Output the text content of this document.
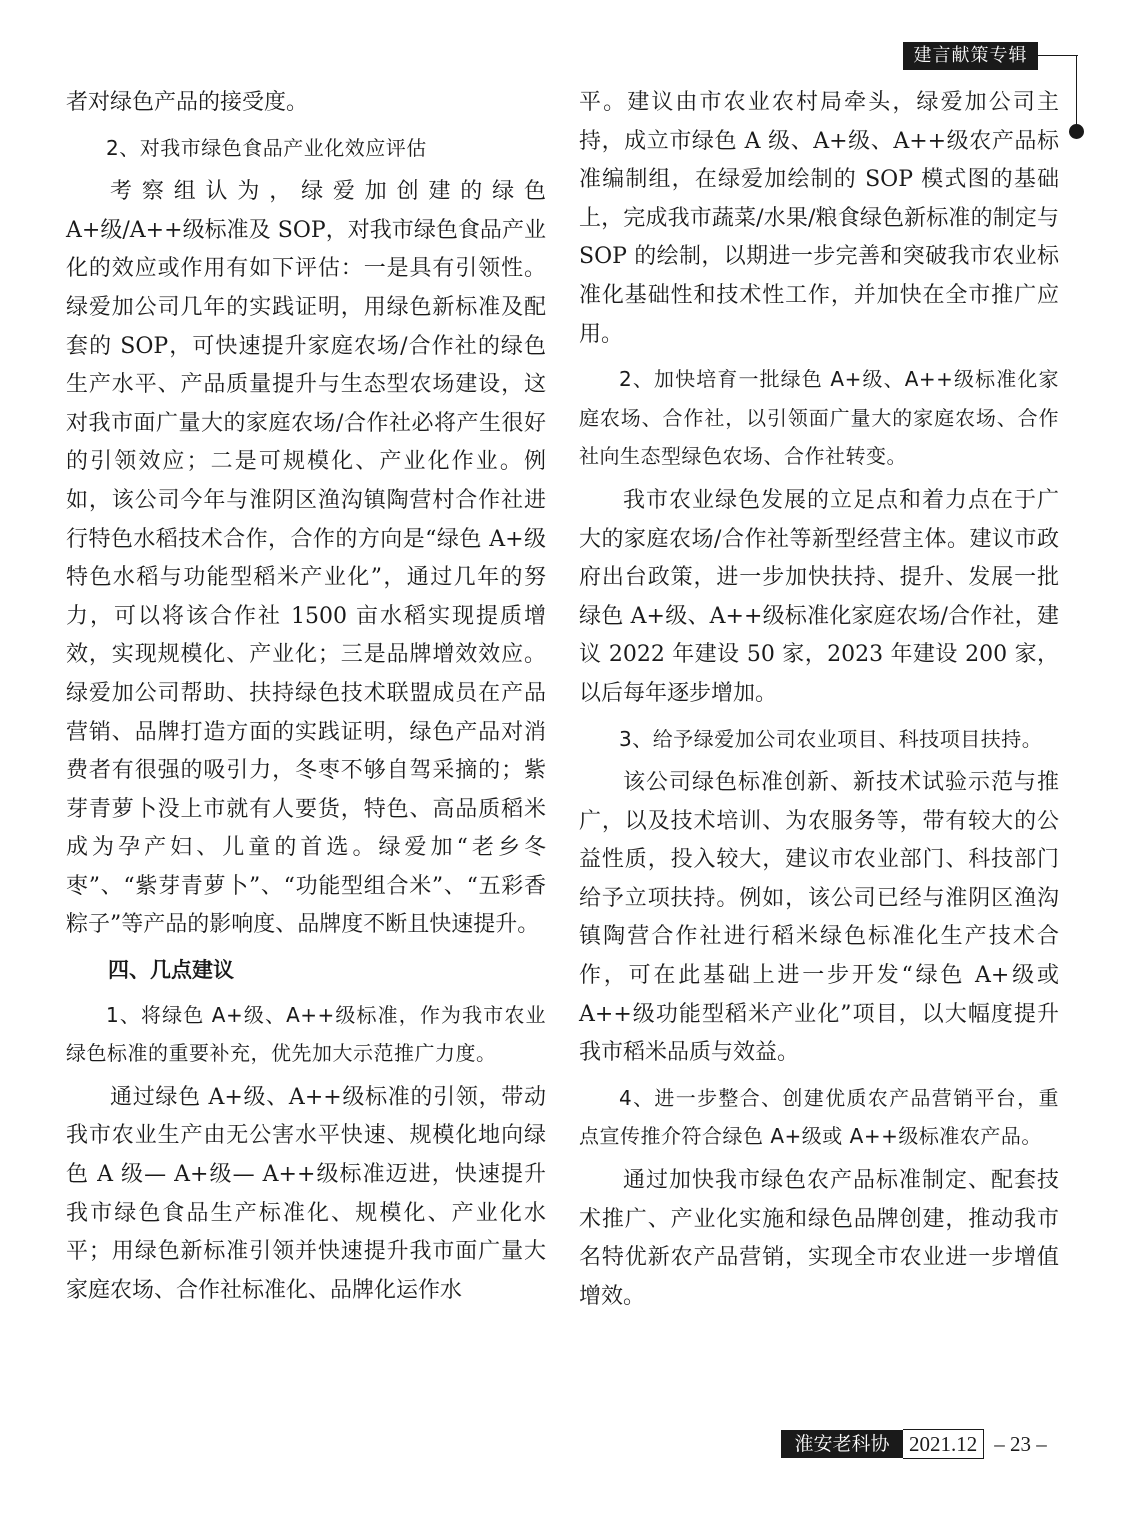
建言献策专辑

者对绿色产品的接受度。

2、对我市绿色食品产业化效应评估

考察组认为，绿爱加创建的绿色 A+级/A++级标准及 SOP，对我市绿色食品产业化的效应或作用有如下评估：一是具有引领性。绿爱加公司几年的实践证明，用绿色新标准及配套的 SOP，可快速提升家庭农场/合作社的绿色生产水平、产品质量提升与生态型农场建设，这对我市面广量大的家庭农场/合作社必将产生很好的引领效应；二是可规模化、产业化作业。例如，该公司今年与淮阴区渔沟镇陶营村合作社进行特色水稻技术合作，合作的方向是“绿色 A+级特色水稻与功能型稻米产业化”，通过几年的努力，可以将该合作社 1500 亩水稻实现提质增效，实现规模化、产业化；三是品牌增效效应。绿爱加公司帮助、扶持绿色技术联盟成员在产品营销、品牌打造方面的实践证明，绿色产品对消费者有很强的吸引力，冬枣不够自驾采摘的；紫芽青萝卜没上市就有人要货，特色、高品质稻米成为孕产妇、儿童的首选。绿爱加“老乡冬枣”、“紫芽青萝卜”、“功能型组合米”、“五彩香粽子”等产品的影响度、品牌度不断且快速提升。

四、几点建议

1、将绿色 A+级、A++级标准，作为我市农业绿色标准的重要补充，优先加大示范推广力度。

通过绿色 A+级、A++级标准的引领，带动我市农业生产由无公害水平快速、规模化地向绿色 A 级— A+级— A++级标准迈进，快速提升我市绿色食品生产标准化、规模化、产业化水平；用绿色新标准引领并快速提升我市面广量大家庭农场、合作社标准化、品牌化运作水

平。建议由市农业农村局牵头，绿爱加公司主持，成立市绿色 A 级、A+级、A++级农产品标准编制组，在绿爱加绘制的 SOP 模式图的基础上，完成我市蔬菜/水果/粮食绿色新标准的制定与 SOP 的绘制，以期进一步完善和突破我市农业标准化基础性和技术性工作，并加快在全市推广应用。

2、加快培育一批绿色 A+级、A++级标准化家庭农场、合作社，以引领面广量大的家庭农场、合作社向生态型绿色农场、合作社转变。

我市农业绿色发展的立足点和着力点在于广大的家庭农场/合作社等新型经营主体。建议市政府出台政策，进一步加快扶持、提升、发展一批绿色 A+级、A++级标准化家庭农场/合作社，建议 2022 年建设 50 家，2023 年建设 200 家，以后每年逐步增加。

3、给予绿爱加公司农业项目、科技项目扶持。

该公司绿色标准创新、新技术试验示范与推广，以及技术培训、为农服务等，带有较大的公益性质，投入较大，建议市农业部门、科技部门给予立项扶持。例如，该公司已经与淮阴区渔沟镇陶营合作社进行稻米绿色标准化生产技术合作，可在此基础上进一步开发“绿色 A+级或 A++级功能型稻米产业化”项目，以大幅度提升我市稻米品质与效益。

4、进一步整合、创建优质农产品营销平台，重点宣传推介符合绿色 A+级或 A++级标准农产品。

通过加快我市绿色农产品标准制定、配套技术推广、产业化实施和绿色品牌创建，推动我市名特优新农产品营销，实现全市农业进一步增值增效。

淮安老科协 2021.12 – 23 –
